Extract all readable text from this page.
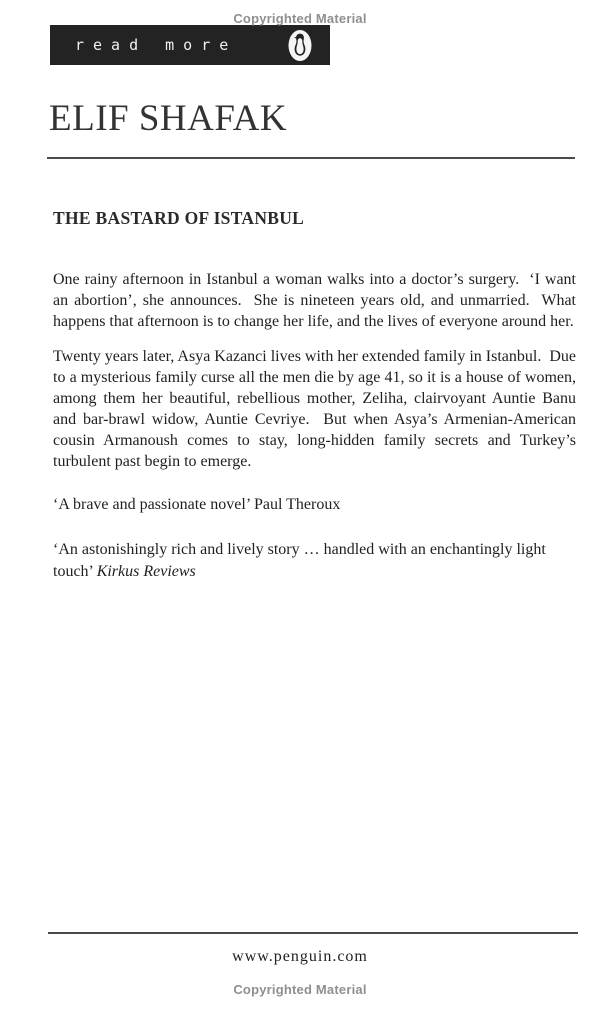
Copyrighted Material
read more
ELIF SHAFAK
THE BASTARD OF ISTANBUL
One rainy afternoon in Istanbul a woman walks into a doctor’s surgery.  ‘I want an abortion’, she announces.  She is nineteen years old, and unmarried.  What happens that afternoon is to change her life, and the lives of everyone around her.
Twenty years later, Asya Kazanci lives with her extended family in Istanbul.  Due to a mysterious family curse all the men die by age 41, so it is a house of women, among them her beautiful, rebellious mother, Zeliha, clairvoyant Auntie Banu and bar-brawl widow, Auntie Cevriye.  But when Asya’s Armenian-American cousin Armanoush comes to stay, long-hidden family secrets and Turkey’s turbulent past begin to emerge.
‘A brave and passionate novel’ Paul Theroux
‘An astonishingly rich and lively story … handled with an enchantingly light touch’ Kirkus Reviews
www.penguin.com
Copyrighted Material
